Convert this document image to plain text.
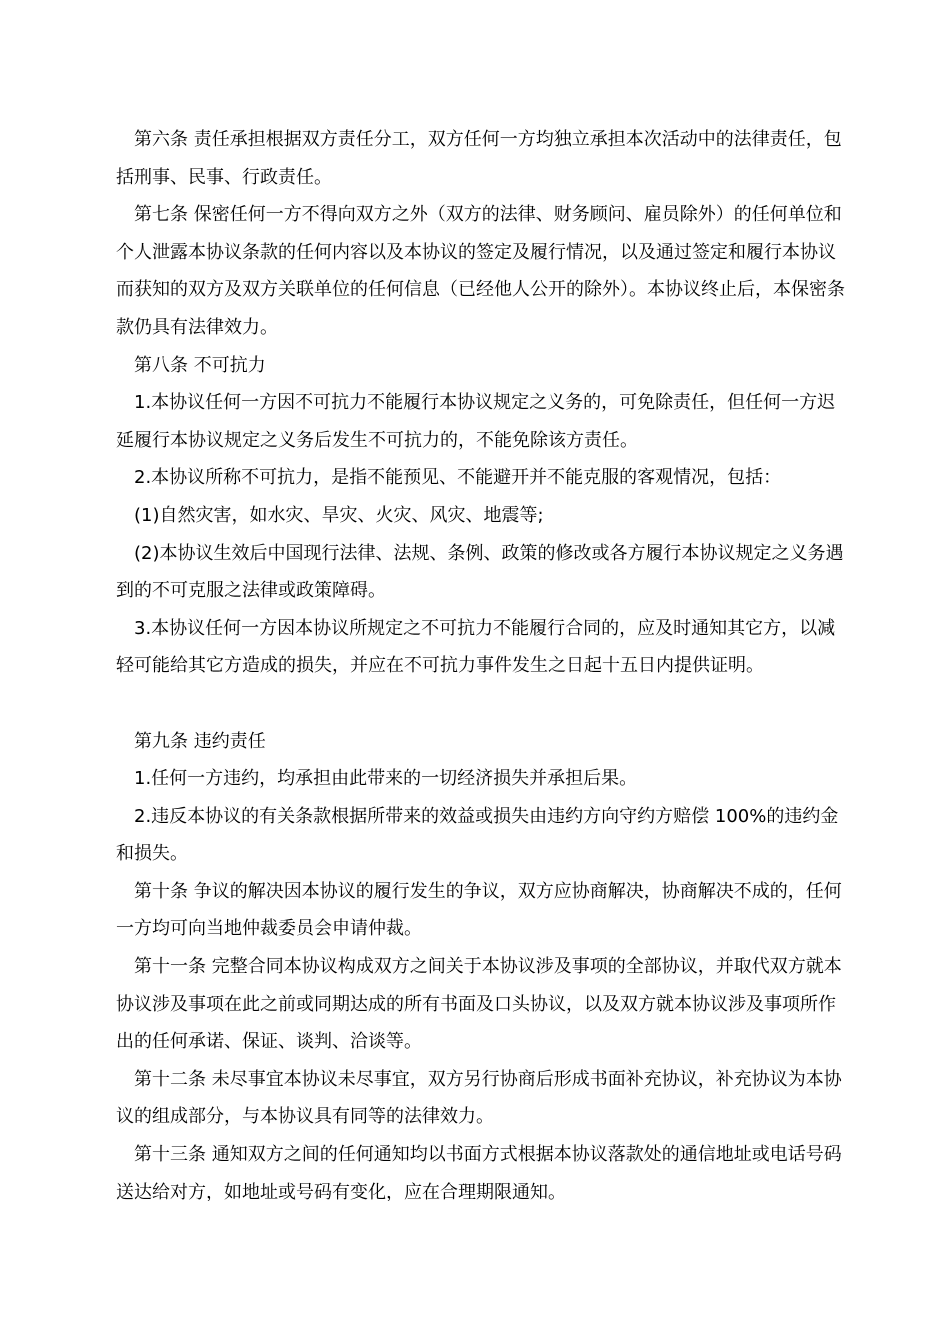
第六条 责任承担根据双方责任分工，双方任何一方均独立承担本次活动中的法律责任，包括刑事、民事、行政责任。

第七条 保密任何一方不得向双方之外（双方的法律、财务顾问、雇员除外）的任何单位和个人泄露本协议条款的任何内容以及本协议的签定及履行情况，以及通过签定和履行本协议而获知的双方及双方关联单位的任何信息（已经他人公开的除外）。本协议终止后，本保密条款仍具有法律效力。

第八条 不可抗力

1.本协议任何一方因不可抗力不能履行本协议规定之义务的，可免除责任，但任何一方迟延履行本协议规定之义务后发生不可抗力的，不能免除该方责任。

2.本协议所称不可抗力，是指不能预见、不能避开并不能克服的客观情况，包括：

(1)自然灾害，如水灾、旱灾、火灾、风灾、地震等;

(2)本协议生效后中国现行法律、法规、条例、政策的修改或各方履行本协议规定之义务遇到的不可克服之法律或政策障碍。

3.本协议任何一方因本协议所规定之不可抗力不能履行合同的，应及时通知其它方，以减轻可能给其它方造成的损失，并应在不可抗力事件发生之日起十五日内提供证明。

第九条 违约责任

1.任何一方违约，均承担由此带来的一切经济损失并承担后果。

2.违反本协议的有关条款根据所带来的效益或损失由违约方向守约方赔偿 100%的违约金和损失。

第十条 争议的解决因本协议的履行发生的争议，双方应协商解决，协商解决不成的，任何一方均可向当地仲裁委员会申请仲裁。

第十一条 完整合同本协议构成双方之间关于本协议涉及事项的全部协议，并取代双方就本协议涉及事项在此之前或同期达成的所有书面及口头协议，以及双方就本协议涉及事项所作出的任何承诺、保证、谈判、洽谈等。

第十二条 未尽事宜本协议未尽事宜，双方另行协商后形成书面补充协议，补充协议为本协议的组成部分，与本协议具有同等的法律效力。

第十三条 通知双方之间的任何通知均以书面方式根据本协议落款处的通信地址或电话号码送达给对方，如地址或号码有变化，应在合理期限通知。
